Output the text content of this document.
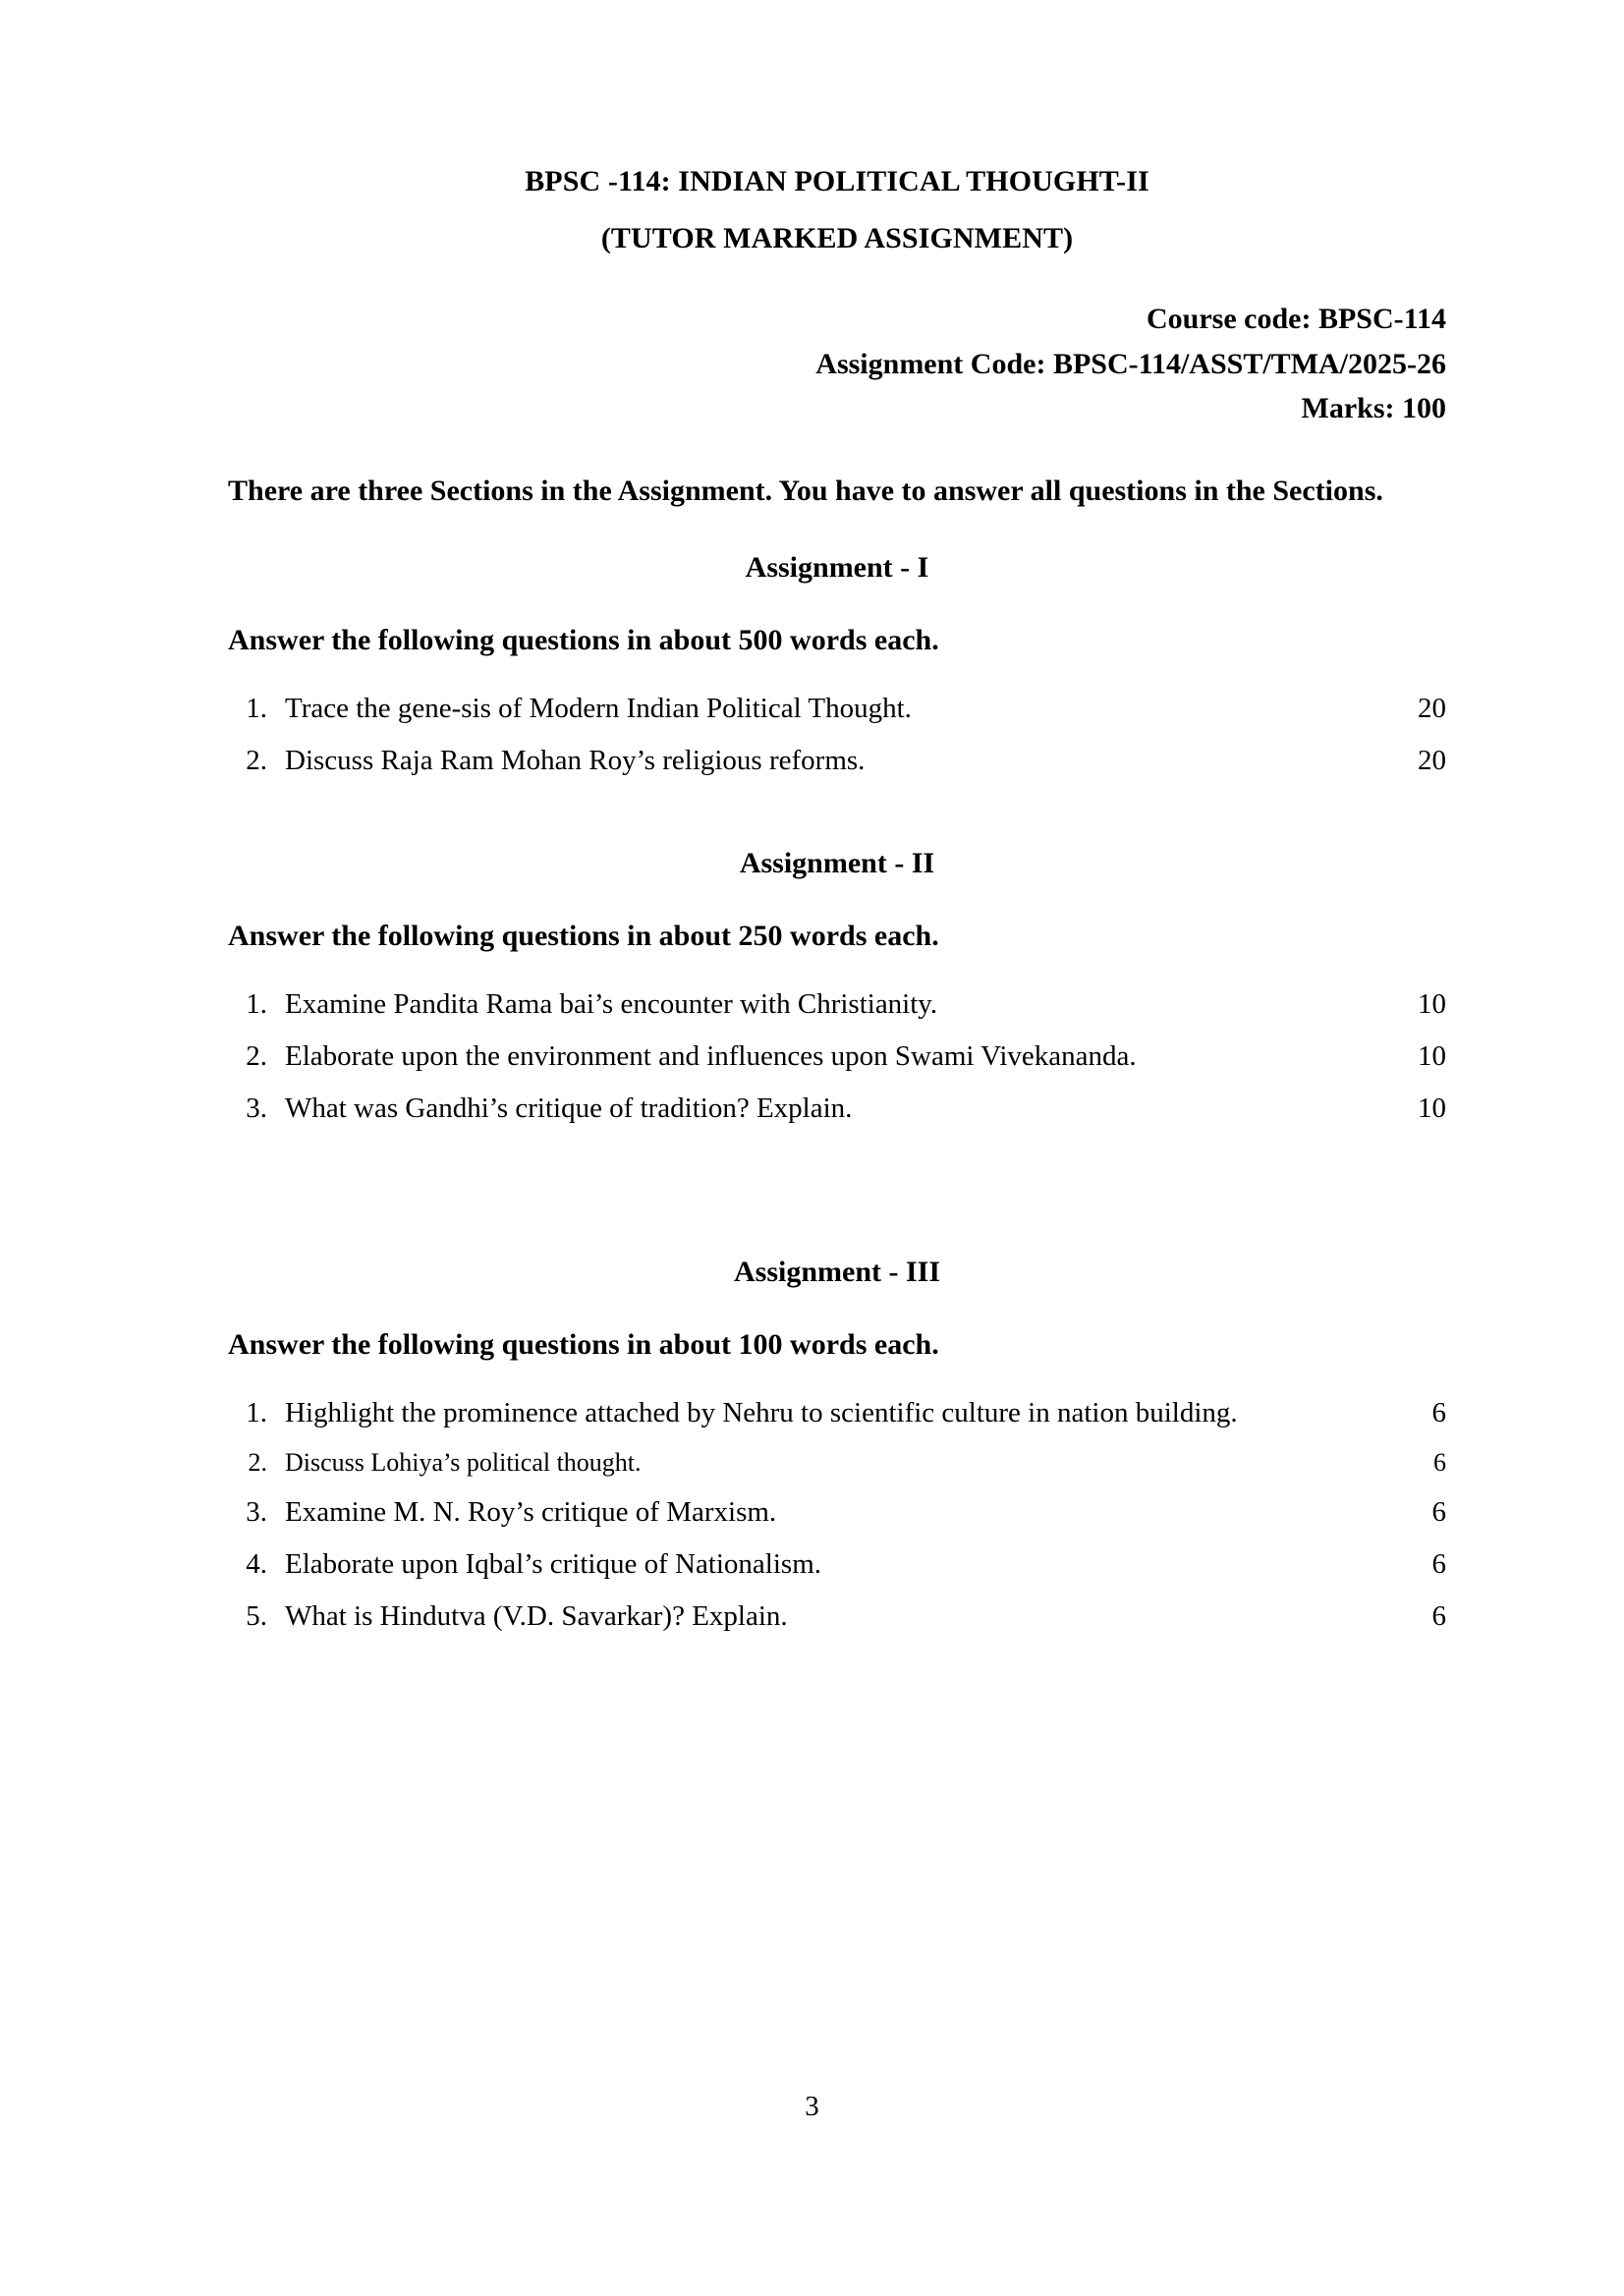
BPSC -114: INDIAN POLITICAL THOUGHT-II
(TUTOR MARKED ASSIGNMENT)
Course code: BPSC-114
Assignment Code: BPSC-114/ASST/TMA/2025-26
Marks: 100
There are three Sections in the Assignment. You have to answer all questions in the Sections.
Assignment - I
Answer the following questions in about 500 words each.
1. Trace the gene-sis of Modern Indian Political Thought.	20
2. Discuss Raja Ram Mohan Roy’s religious reforms.	20
Assignment - II
Answer the following questions in about 250 words each.
1. Examine Pandita Rama bai’s encounter with Christianity.	10
2. Elaborate upon the environment and influences upon Swami Vivekananda.	10
3. What was Gandhi’s critique of tradition? Explain.	10
Assignment - III
Answer the following questions in about 100 words each.
1. Highlight the prominence attached by Nehru to scientific culture in nation building.	6
2. Discuss Lohiya’s political thought.	6
3. Examine M. N. Roy’s critique of Marxism.	6
4. Elaborate upon Iqbal’s critique of Nationalism.	6
5. What is Hindutva (V.D. Savarkar)? Explain.	6
3
